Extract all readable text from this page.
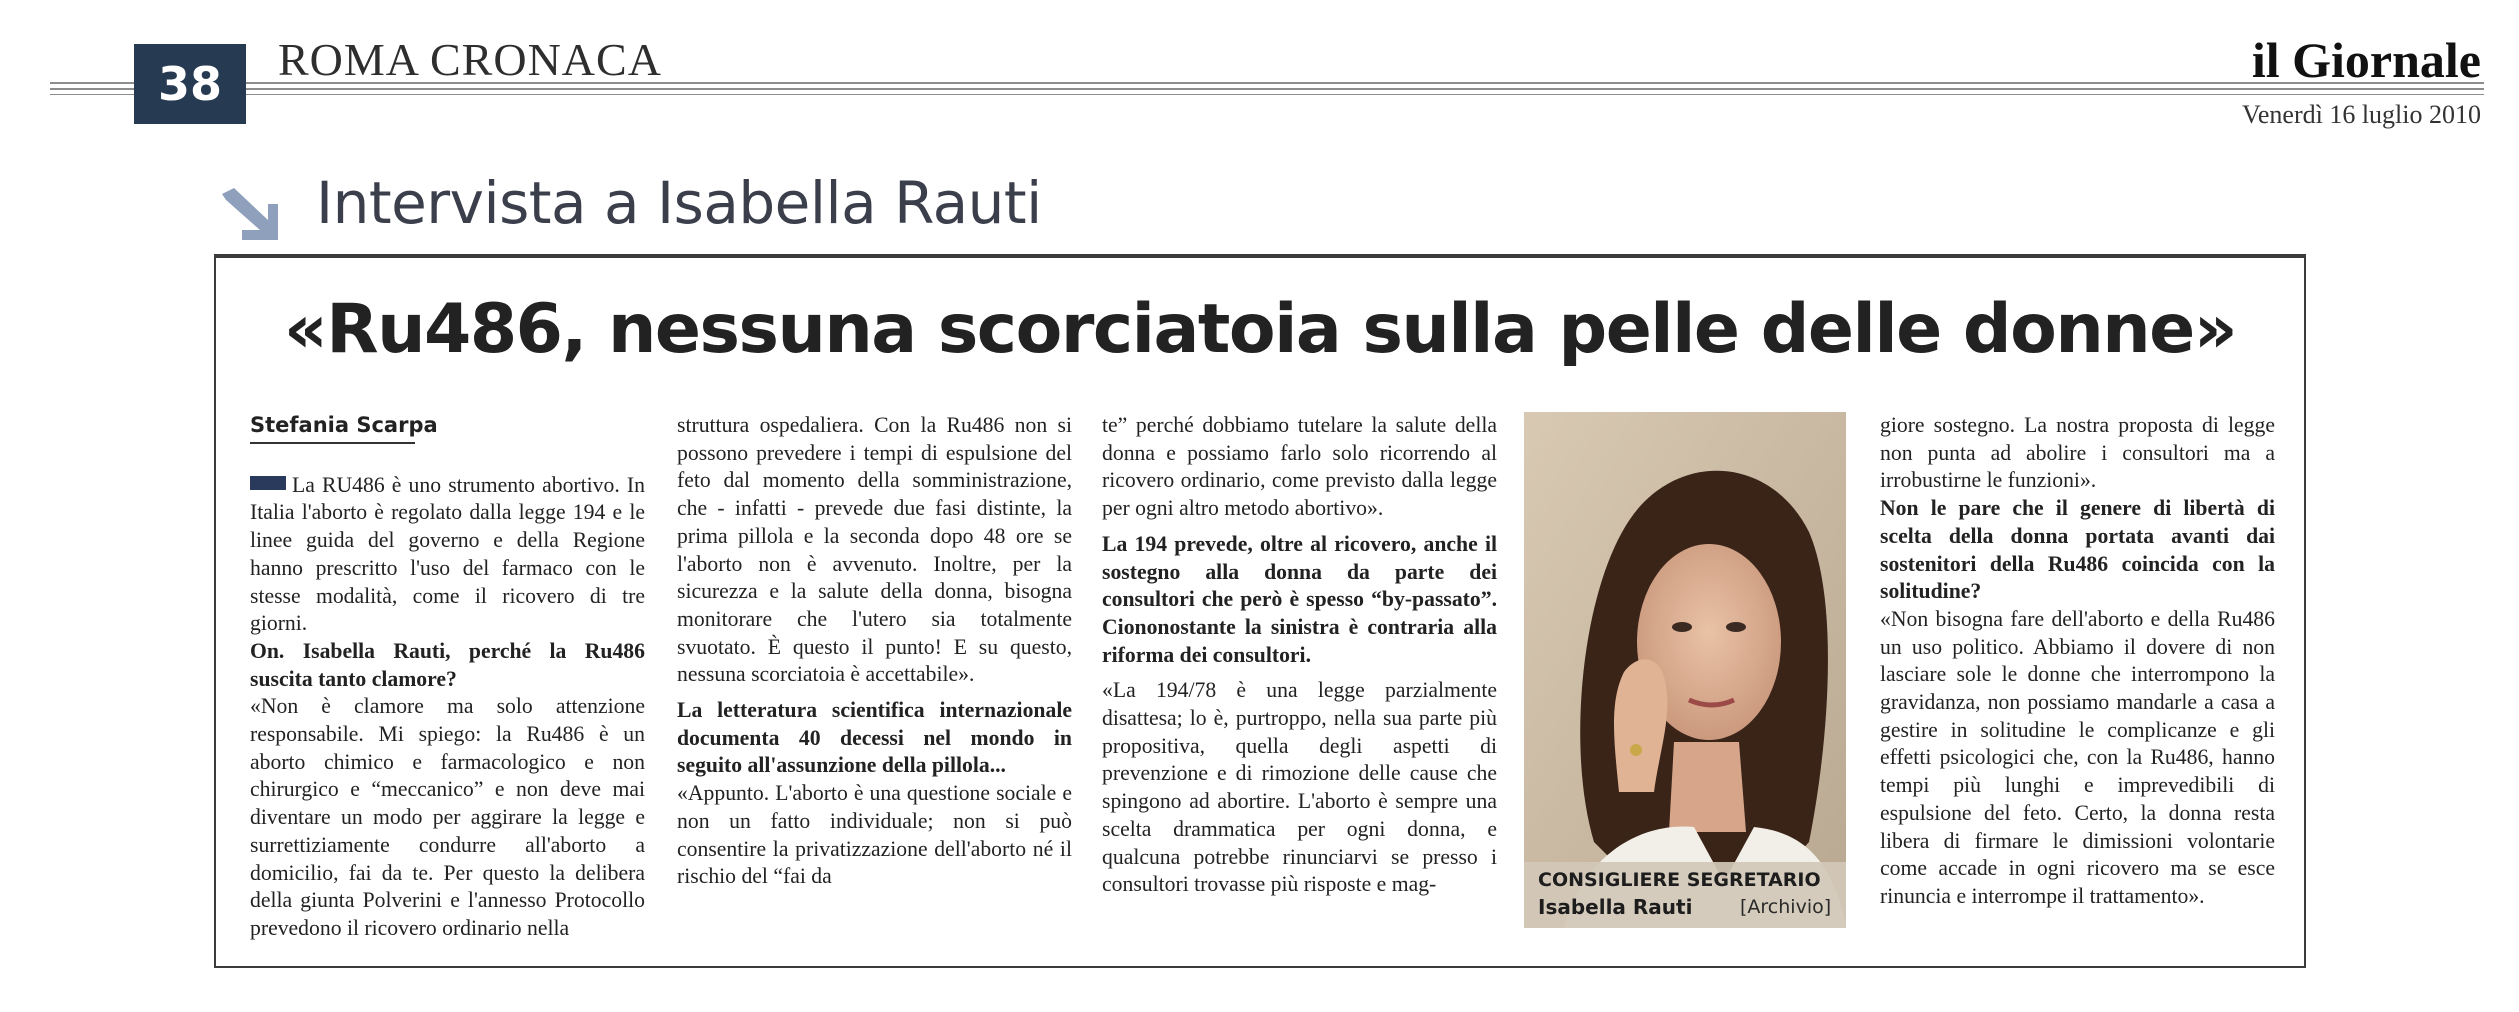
38	ROMA CRONACA	il Giornale
Venerdì 16 luglio 2010
Intervista a Isabella Rauti
«Ru486, nessuna scorciatoia sulla pelle delle donne»
Stefania Scarpa

La RU486 è uno strumento abortivo. In Italia l'aborto è regolato dalla legge 194 e le linee guida del governo e della Regione hanno prescritto l'uso del farmaco con le stesse modalità, come il ricovero di tre giorni.

On. Isabella Rauti, perché la Ru486 suscita tanto clamore?

«Non è clamore ma solo attenzione responsabile. Mi spiego: la Ru486 è un aborto chimico e farmacologico e non chirurgico e “meccanico” e non deve mai diventare un modo per aggirare la legge e surrettiziamente condurre all'aborto a domicilio, fai da te. Per questo la delibera della giunta Polverini e l'annesso Protocollo prevedono il ricovero ordinario nella

struttura ospedaliera. Con la Ru486 non si possono prevedere i tempi di espulsione del feto dal momento della somministrazione, che - infatti - prevede due fasi distinte, la prima pillola e la seconda dopo 48 ore se l'aborto non è avvenuto. Inoltre, per la sicurezza e la salute della donna, bisogna monitorare che l'utero sia totalmente svuotato. È questo il punto! E su questo, nessuna scorciatoia è accettabile».

La letteratura scientifica internazionale documenta 40 decessi nel mondo in seguito all'assunzione della pillola...

«Appunto. L'aborto è una questione sociale e non un fatto individuale; non si può consentire la privatizzazione dell'aborto né il rischio del “fai da

te” perché dobbiamo tutelare la salute della donna e possiamo farlo solo ricorrendo al ricovero ordinario, come previsto dalla legge per ogni altro metodo abortivo».

La 194 prevede, oltre al ricovero, anche il sostegno alla donna da parte dei consultori che però è spesso “by-passato”. Ciononostante la sinistra è contraria alla riforma dei consultori.

«La 194/78 è una legge parzialmente disattesa; lo è, purtroppo, nella sua parte più propositiva, quella degli aspetti di prevenzione e di rimozione delle cause che spingono ad abortire. L'aborto è sempre una scelta drammatica per ogni donna, e qualcuna potrebbe rinunciarvi se presso i consultori trovasse più risposte e mag-	CONSIGLIERE SEGRETARIO
Isabella Rauti	[Archivio]

giore sostegno. La nostra proposta di legge non punta ad abolire i consultori ma a irrobustirne le funzioni».

Non le pare che il genere di libertà di scelta della donna portata avanti dai sostenitori della Ru486 coincida con la solitudine?

«Non bisogna fare dell'aborto e della Ru486 un uso politico. Abbiamo il dovere di non lasciare sole le donne che interrompono la gravidanza, non possiamo mandarle a casa a gestire in solitudine le complicanze e gli effetti psicologici che, con la Ru486, hanno tempi più lunghi e imprevedibili di espulsione del feto. Certo, la donna resta libera di firmare le dimissioni volontarie come accade in ogni ricovero ma se esce rinuncia e interrompe il trattamento».
